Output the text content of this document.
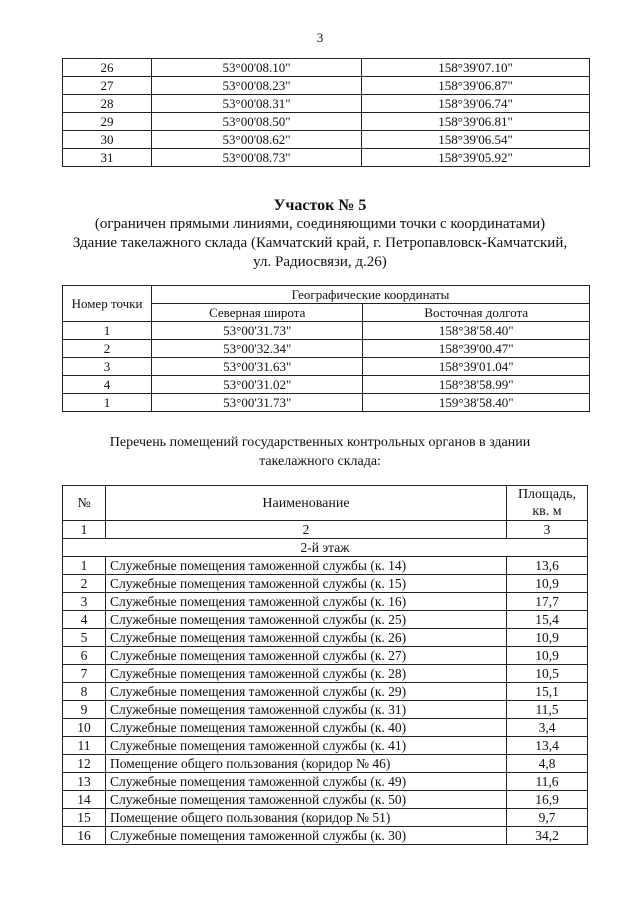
3
26	53°00'08.10"	158°39'07.10"
27	53°00'08.23"	158°39'06.87"
28	53°00'08.31"	158°39'06.74"
29	53°00'08.50"	158°39'06.81"
30	53°00'08.62"	158°39'06.54"
31	53°00'08.73"	158°39'05.92"
Участок № 5
(ограничен прямыми линиями, соединяющими точки с координатами)
Здание такелажного склада (Камчатский край, г. Петропавловск-Камчатский,
ул. Радиосвязи, д.26)
Номер точки	Географические координаты	
	Северная широта	Восточная долгота
1	53°00'31.73"	158°38'58.40"
2	53°00'32.34"	158°39'00.47"
3	53°00'31.63"	158°39'01.04"
4	53°00'31.02"	158°38'58.99"
1	53°00'31.73"	159°38'58.40"
Перечень помещений государственных контрольных органов в здании
такелажного склада:
№	Наименование	Площадь,
кв. м

1	2	3
2-й этаж		
1	Служебные помещения таможенной службы (к. 14)	13,6
2	Служебные помещения таможенной службы (к. 15)	10,9
3	Служебные помещения таможенной службы (к. 16)	17,7
4	Служебные помещения таможенной службы (к. 25)	15,4
5	Служебные помещения таможенной службы (к. 26)	10,9
6	Служебные помещения таможенной службы (к. 27)	10,9
7	Служебные помещения таможенной службы (к. 28)	10,5
8	Служебные помещения таможенной службы (к. 29)	15,1
9	Служебные помещения таможенной службы (к. 31)	11,5
10	Служебные помещения таможенной службы (к. 40)	3,4
11	Служебные помещения таможенной службы (к. 41)	13,4
12	Помещение общего пользования (коридор № 46)	4,8
13	Служебные помещения таможенной службы (к. 49)	11,6
14	Служебные помещения таможенной службы (к. 50)	16,9
15	Помещение общего пользования (коридор № 51)	9,7
16	Служебные помещения таможенной службы (к. 30)	34,2
